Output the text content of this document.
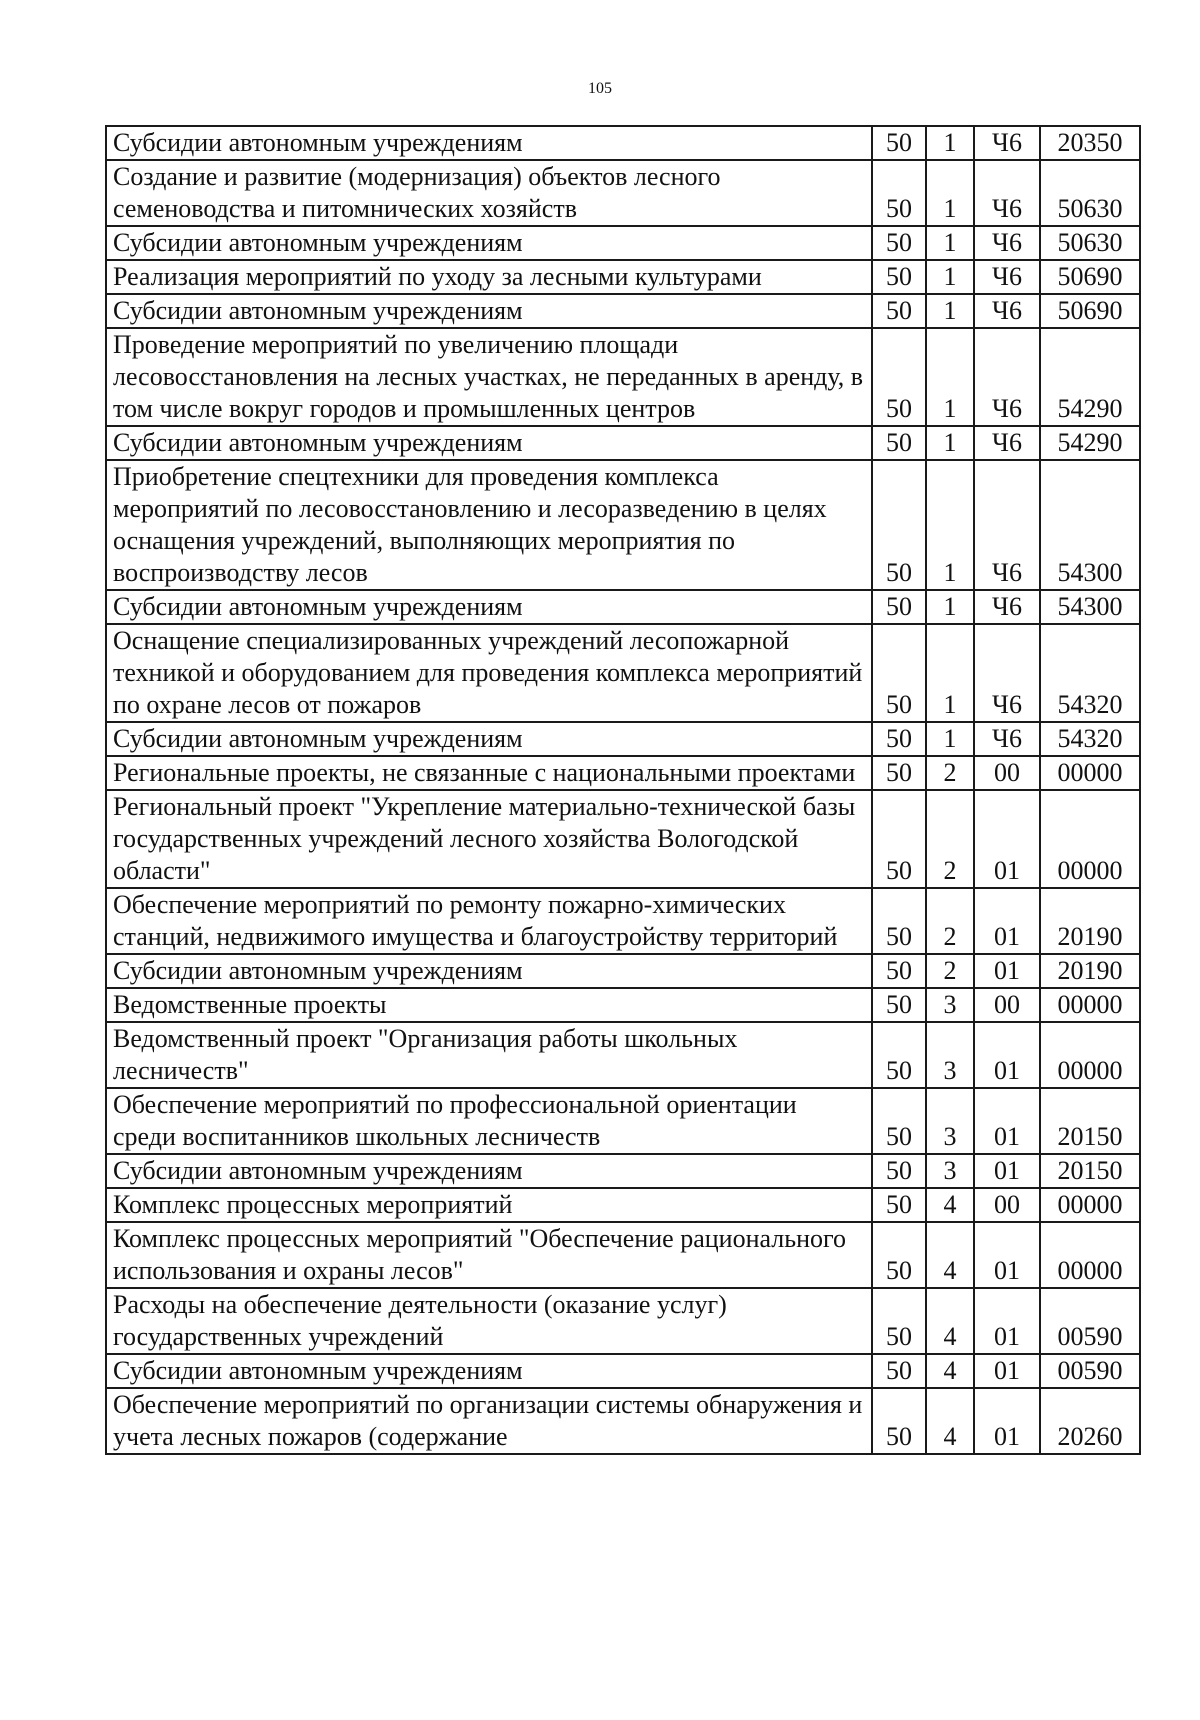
105
Субсидии автономным учреждениям	50	1	Ч6	20350
Создание и развитие (модернизация) объектов лесного семеноводства и питомнических хозяйств	50	1	Ч6	50630
Субсидии автономным учреждениям	50	1	Ч6	50630
Реализация мероприятий по уходу за лесными культурами	50	1	Ч6	50690
Субсидии автономным учреждениям	50	1	Ч6	50690
Проведение мероприятий по увеличению площади лесовосстановления на лесных участках, не переданных в аренду, в том числе вокруг городов и промышленных центров	50	1	Ч6	54290
Субсидии автономным учреждениям	50	1	Ч6	54290
Приобретение спецтехники для проведения комплекса мероприятий по лесовосстановлению и лесоразведению в целях оснащения учреждений, выполняющих мероприятия по воспроизводству лесов	50	1	Ч6	54300
Субсидии автономным учреждениям	50	1	Ч6	54300
Оснащение специализированных учреждений лесопожарной техникой и оборудованием для проведения комплекса мероприятий по охране лесов от пожаров	50	1	Ч6	54320
Субсидии автономным учреждениям	50	1	Ч6	54320
Региональные проекты, не связанные с национальными проектами	50	2	00	00000
Региональный проект "Укрепление материально-технической базы государственных учреждений лесного хозяйства Вологодской области"	50	2	01	00000
Обеспечение мероприятий по ремонту пожарно-химических станций, недвижимого имущества и благоустройству территорий	50	2	01	20190
Субсидии автономным учреждениям	50	2	01	20190
Ведомственные проекты	50	3	00	00000
Ведомственный проект "Организация работы школьных лесничеств"	50	3	01	00000
Обеспечение мероприятий по профессиональной ориентации среди воспитанников школьных лесничеств	50	3	01	20150
Субсидии автономным учреждениям	50	3	01	20150
Комплекс процессных мероприятий	50	4	00	00000
Комплекс процессных мероприятий "Обеспечение рационального использования и охраны лесов"	50	4	01	00000
Расходы на обеспечение деятельности (оказание услуг) государственных учреждений	50	4	01	00590
Субсидии автономным учреждениям	50	4	01	00590
Обеспечение мероприятий по организации системы обнаружения и учета лесных пожаров (содержание	50	4	01	20260
